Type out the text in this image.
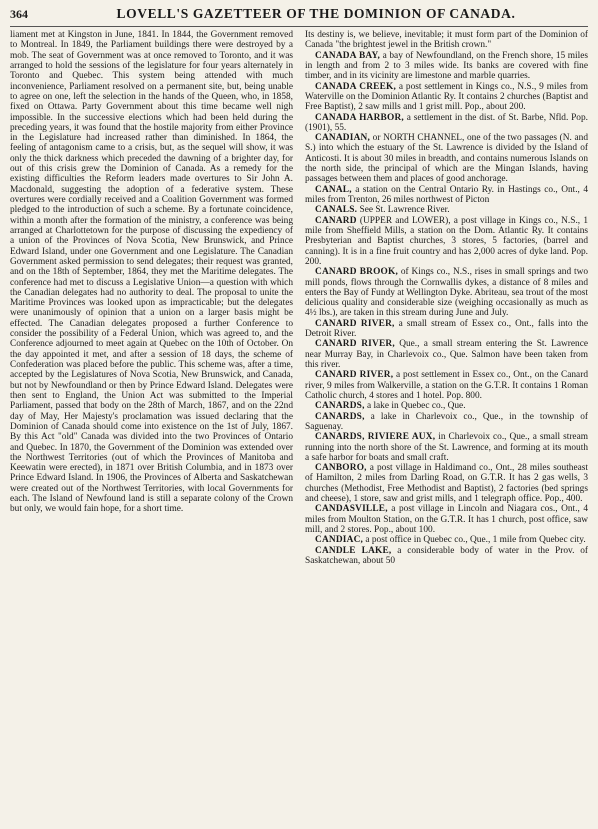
364	LOVELL'S GAZETTEER OF THE DOMINION OF CANADA.

liament met at Kingston in June, 1841. In 1844, the Government removed to Montreal. In 1849, the Parliament buildings there were destroyed by a mob. The seat of Government was at once removed to Toronto, and it was arranged to hold the sessions of the legislature for four years alternately in Toronto and Quebec. This system being attended with much inconvenience, Parliament resolved on a permanent site, but, being unable to agree on one, left the selection in the hands of the Queen, who, in 1858, fixed on Ottawa. Party Government about this time became well nigh impossible. In the successive elections which had been held during the preceding years, it was found that the hostile majority from either Province in the Legislature had increased rather than diminished. In 1864, the feeling of antagonism came to a crisis, but, as the sequel will show, it was only the thick darkness which preceded the dawning of a brighter day, for out of this crisis grew the Dominion of Canada. As a remedy for the existing difficulties the Reform leaders made overtures to Sir John A. Macdonald, suggesting the adoption of a federative system. These overtures were cordially received and a Coalition Government was formed pledged to the introduction of such a scheme. By a fortunate coincidence, within a month after the formation of the ministry, a conference was being arranged at Charlottetown for the purpose of discussing the expediency of a union of the Provinces of Nova Scotia, New Brunswick, and Prince Edward Island, under one Government and one Legislature. The Canadian Government asked permission to send delegates; their request was granted, and on the 18th of September, 1864, they met the Maritime delegates. The conference had met to discuss a Legislative Union—a question with which the Canadian delegates had no authority to deal. The proposal to unite the Maritime Provinces was looked upon as impracticable; but the delegates were unanimously of opinion that a union on a larger basis might be effected. The Canadian delegates proposed a further Conference to consider the possibility of a Federal Union, which was agreed to, and the Conference adjourned to meet again at Quebec on the 10th of October. On the day appointed it met, and after a session of 18 days, the scheme of Confederation was placed before the public. This scheme was, after a time, accepted by the Legislatures of Nova Scotia, New Brunswick, and Canada, but not by Newfoundland or then by Prince Edward Island. Delegates were then sent to England, the Union Act was submitted to the Imperial Parliament, passed that body on the 28th of March, 1867, and on the 22nd day of May, Her Majesty's proclamation was issued declaring that the Dominion of Canada should come into existence on the 1st of July, 1867. By this Act "old" Canada was divided into the two Provinces of Ontario and Quebec. In 1870, the Government of the Dominion was extended over the Northwest Territories (out of which the Provinces of Manitoba and Keewatin were erected), in 1871 over British Columbia, and in 1873 over Prince Edward Island. In 1906, the Provinces of Alberta and Saskatchewan were created out of the Northwest Territories, with local Governments for each. The Island of Newfound land is still a separate colony of the Crown but only, we would fain hope, for a short time.

Its destiny is, we believe, inevitable; it must form part of the Dominion of Canada "the brightest jewel in the British crown."

CANADA BAY, a bay of Newfoundland, on the French shore, 15 miles in length and from 2 to 3 miles wide. Its banks are covered with fine timber, and in its vicinity are limestone and marble quarries.

CANADA CREEK, a post settlement in Kings co., N.S., 9 miles from Waterville on the Dominion Atlantic Ry. It contains 2 churches (Baptist and Free Baptist), 2 saw mills and 1 grist mill. Pop., about 200.

CANADA HARBOR, a settlement in the dist. of St. Barbe, Nfld. Pop. (1901), 55.

CANADIAN, or NORTH CHANNEL, one of the two passages (N. and S.) into which the estuary of the St. Lawrence is divided by the Island of Anticosti. It is about 30 miles in breadth, and contains numerous Islands on the north side, the principal of which are the Mingan Islands, having passages between them and places of good anchorage.

CANAL, a station on the Central Ontario Ry. in Hastings co., Ont., 4 miles from Trenton, 26 miles northwest of Picton

CANALS. See St. Lawrence River.

CANARD (UPPER and LOWER), a post village in Kings co., N.S., 1 mile from Sheffield Mills, a station on the Dom. Atlantic Ry. It contains Presbyterian and Baptist churches, 3 stores, 5 factories, (barrel and canning). It is in a fine fruit country and has 2,000 acres of dyke land. Pop. 200.

CANARD BROOK, of Kings co., N.S., rises in small springs and two mill ponds, flows through the Cornwallis dykes, a distance of 8 miles and enters the Bay of Fundy at Wellington Dyke. Abriteau, sea trout of the most delicious quality and considerable size (weighing occasionally as much as 4½ lbs.), are taken in this stream during June and July.

CANARD RIVER, a small stream of Essex co., Ont., falls into the Detroit River.

CANARD RIVER, Que., a small stream entering the St. Lawrence near Murray Bay, in Charlevoix co., Que. Salmon have been taken from this river.

CANARD RIVER, a post settlement in Essex co., Ont., on the Canard river, 9 miles from Walkerville, a station on the G.T.R. It contains 1 Roman Catholic church, 4 stores and 1 hotel. Pop. 800.

CANARDS, a lake in Quebec co., Que.

CANARDS, a lake in Charlevoix co., Que., in the township of Saguenay.

CANARDS, RIVIERE AUX, in Charlevoix co., Que., a small stream running into the north shore of the St. Lawrence, and forming at its mouth a safe harbor for boats and small craft.

CANBORO, a post village in Haldimand co., Ont., 28 miles southeast of Hamilton, 2 miles from Darling Road, on G.T.R. It has 2 gas wells, 3 churches (Methodist, Free Methodist and Baptist), 2 factories (bed springs and cheese), 1 store, saw and grist mills, and 1 telegraph office. Pop., 400.

CANDASVILLE, a post village in Lincoln and Niagara cos., Ont., 4 miles from Moulton Station, on the G.T.R. It has 1 church, post office, saw mill, and 2 stores. Pop., about 100.

CANDIAC, a post office in Quebec co., Que., 1 mile from Quebec city.

CANDLE LAKE, a considerable body of water in the Prov. of Saskatchewan, about 50
